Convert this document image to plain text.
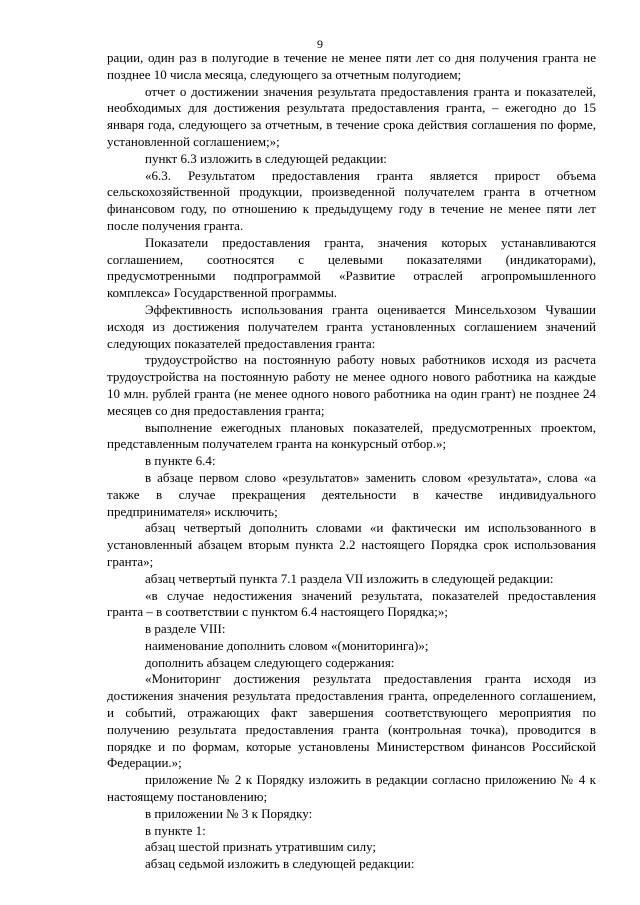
9

рации, один раз в полугодие в течение не менее пяти лет со дня получения гранта не позднее 10 числа месяца, следующего за отчетным полугодием;

отчет о достижении значения результата предоставления гранта и показателей, необходимых для достижения результата предоставления гранта, – ежегодно до 15 января года, следующего за отчетным, в течение срока действия соглашения по форме, установленной соглашением;»;

пункт 6.3 изложить в следующей редакции:

«6.3. Результатом предоставления гранта является прирост объема сельскохозяйственной продукции, произведенной получателем гранта в отчетном финансовом году, по отношению к предыдущему году в течение не менее пяти лет после получения гранта.

Показатели предоставления гранта, значения которых устанавливаются соглашением, соотносятся с целевыми показателями (индикаторами), предусмотренными подпрограммой «Развитие отраслей агропромышленного комплекса» Государственной программы.

Эффективность использования гранта оценивается Минсельхозом Чувашии исходя из достижения получателем гранта установленных соглашением значений следующих показателей предоставления гранта:

трудоустройство на постоянную работу новых работников исходя из расчета трудоустройства на постоянную работу не менее одного нового работника на каждые 10 млн. рублей гранта (не менее одного нового работника на один грант) не позднее 24 месяцев со дня предоставления гранта;

выполнение ежегодных плановых показателей, предусмотренных проектом, представленным получателем гранта на конкурсный отбор.»;

в пункте 6.4:

в абзаце первом слово «результатов» заменить словом «результата», слова «а также в случае прекращения деятельности в качестве индивидуального предпринимателя» исключить;

абзац четвертый дополнить словами «и фактически им использованного в установленный абзацем вторым пункта 2.2 настоящего Порядка срок использования гранта»;

абзац четвертый пункта 7.1 раздела VII изложить в следующей редакции:

«в случае недостижения значений результата, показателей предоставления гранта – в соответствии с пунктом 6.4 настоящего Порядка;»;

в разделе VIII:

наименование дополнить словом «(мониторинга)»;

дополнить абзацем следующего содержания:

«Мониторинг достижения результата предоставления гранта исходя из достижения значения результата предоставления гранта, определенного соглашением, и событий, отражающих факт завершения соответствующего мероприятия по получению результата предоставления гранта (контрольная точка), проводится в порядке и по формам, которые установлены Министерством финансов Российской Федерации.»;

приложение № 2 к Порядку изложить в редакции согласно приложению № 4 к настоящему постановлению;

в приложении № 3 к Порядку:

в пункте 1:

абзац шестой признать утратившим силу;

абзац седьмой изложить в следующей редакции:
